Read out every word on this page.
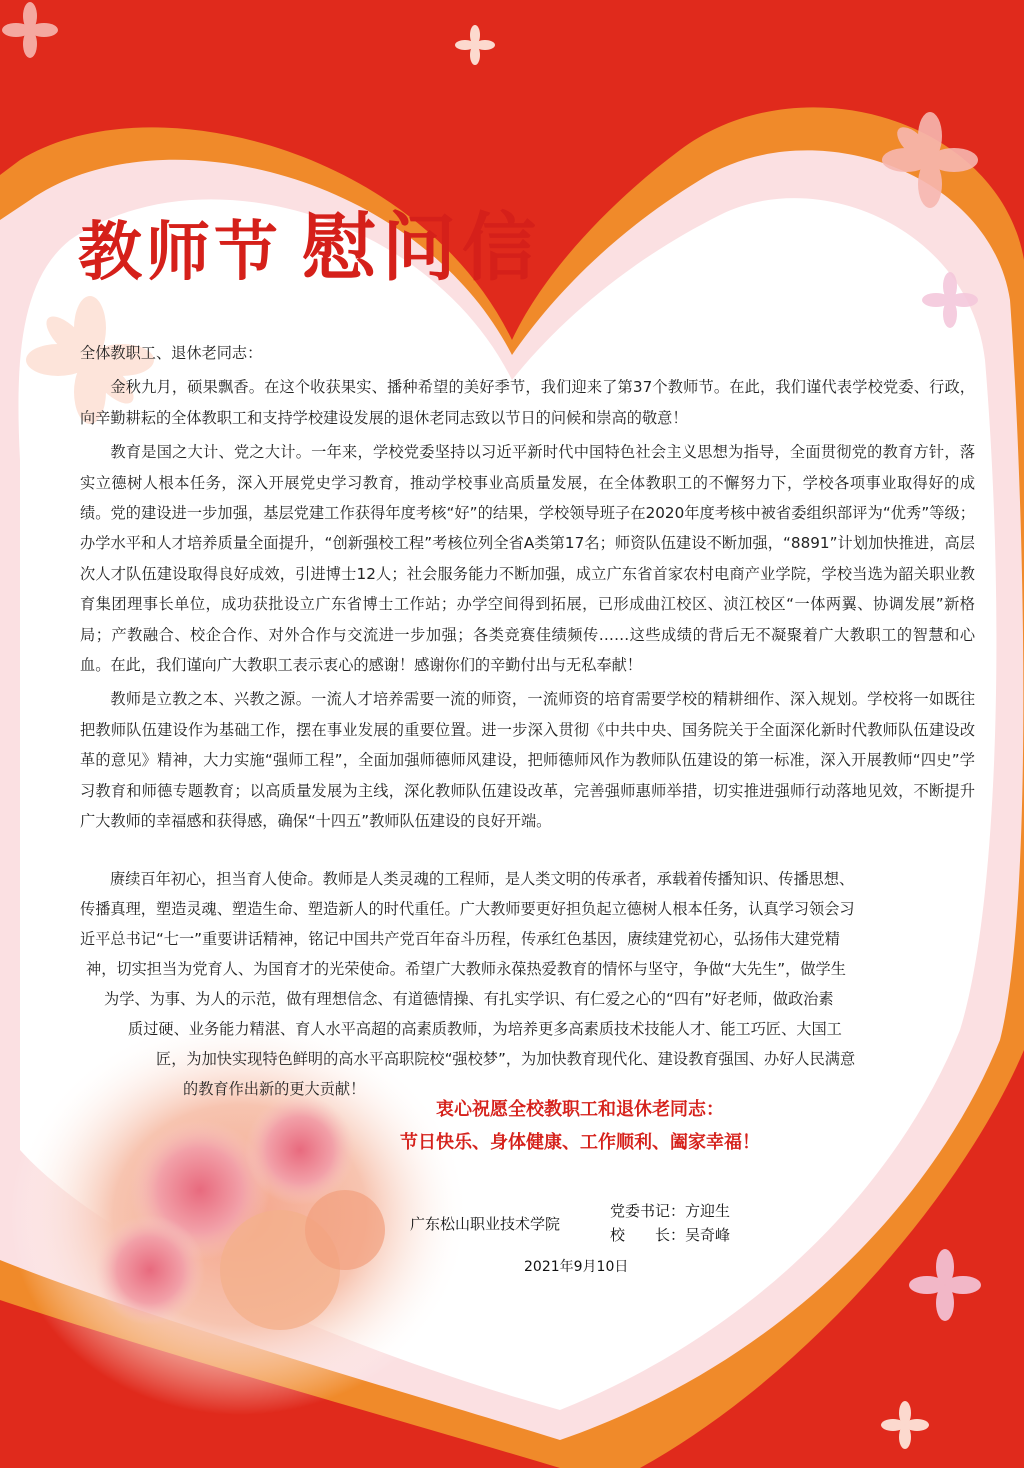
教师节 慰问信

全体教职工、退休老同志：

金秋九月，硕果飘香。在这个收获果实、播种希望的美好季节，我们迎来了第37个教师节。在此，我们谨代表学校党委、行政，向辛勤耕耘的全体教职工和支持学校建设发展的退休老同志致以节日的问候和崇高的敬意！

教育是国之大计、党之大计。一年来，学校党委坚持以习近平新时代中国特色社会主义思想为指导，全面贯彻党的教育方针，落实立德树人根本任务，深入开展党史学习教育，推动学校事业高质量发展，在全体教职工的不懈努力下，学校各项事业取得好的成绩。党的建设进一步加强，基层党建工作获得年度考核“好”的结果，学校领导班子在2020年度考核中被省委组织部评为“优秀”等级；办学水平和人才培养质量全面提升，“创新强校工程”考核位列全省A类第17名；师资队伍建设不断加强，“8891”计划加快推进，高层次人才队伍建设取得良好成效，引进博士12人；社会服务能力不断加强，成立广东省首家农村电商产业学院，学校当选为韶关职业教育集团理事长单位，成功获批设立广东省博士工作站；办学空间得到拓展，已形成曲江校区、浈江校区“一体两翼、协调发展”新格局；产教融合、校企合作、对外合作与交流进一步加强；各类竞赛佳绩频传……这些成绩的背后无不凝聚着广大教职工的智慧和心血。在此，我们谨向广大教职工表示衷心的感谢！感谢你们的辛勤付出与无私奉献！

教师是立教之本、兴教之源。一流人才培养需要一流的师资，一流师资的培育需要学校的精耕细作、深入规划。学校将一如既往把教师队伍建设作为基础工作，摆在事业发展的重要位置。进一步深入贯彻《中共中央、国务院关于全面深化新时代教师队伍建设改革的意见》精神，大力实施“强师工程”，全面加强师德师风建设，把师德师风作为教师队伍建设的第一标准，深入开展教师“四史”学习教育和师德专题教育；以高质量发展为主线，深化教师队伍建设改革，完善强师惠师举措，切实推进强师行动落地见效，不断提升广大教师的幸福感和获得感，确保“十四五”教师队伍建设的良好开端。

赓续百年初心，担当育人使命。教师是人类灵魂的工程师，是人类文明的传承者，承载着传播知识、传播思想、
传播真理，塑造灵魂、塑造生命、塑造新人的时代重任。广大教师要更好担负起立德树人根本任务，认真学习领会习
近平总书记“七一”重要讲话精神，铭记中国共产党百年奋斗历程，传承红色基因，赓续建党初心，弘扬伟大建党精
神，切实担当为党育人、为国育才的光荣使命。希望广大教师永葆热爱教育的情怀与坚守，争做“大先生”，做学生
为学、为事、为人的示范，做有理想信念、有道德情操、有扎实学识、有仁爱之心的“四有”好老师，做政治素
质过硬、业务能力精湛、育人水平高超的高素质教师，为培养更多高素质技术技能人才、能工巧匠、大国工
匠，为加快实现特色鲜明的高水平高职院校“强校梦”，为加快教育现代化、建设教育强国、办好人民满意
的教育作出新的更大贡献！
衷心祝愿全校教职工和退休老同志：
节日快乐、身体健康、工作顺利、阖家幸福！
广东松山职业技术学院
党委书记：方迎生
校　　长：吴奇峰
2021年9月10日
